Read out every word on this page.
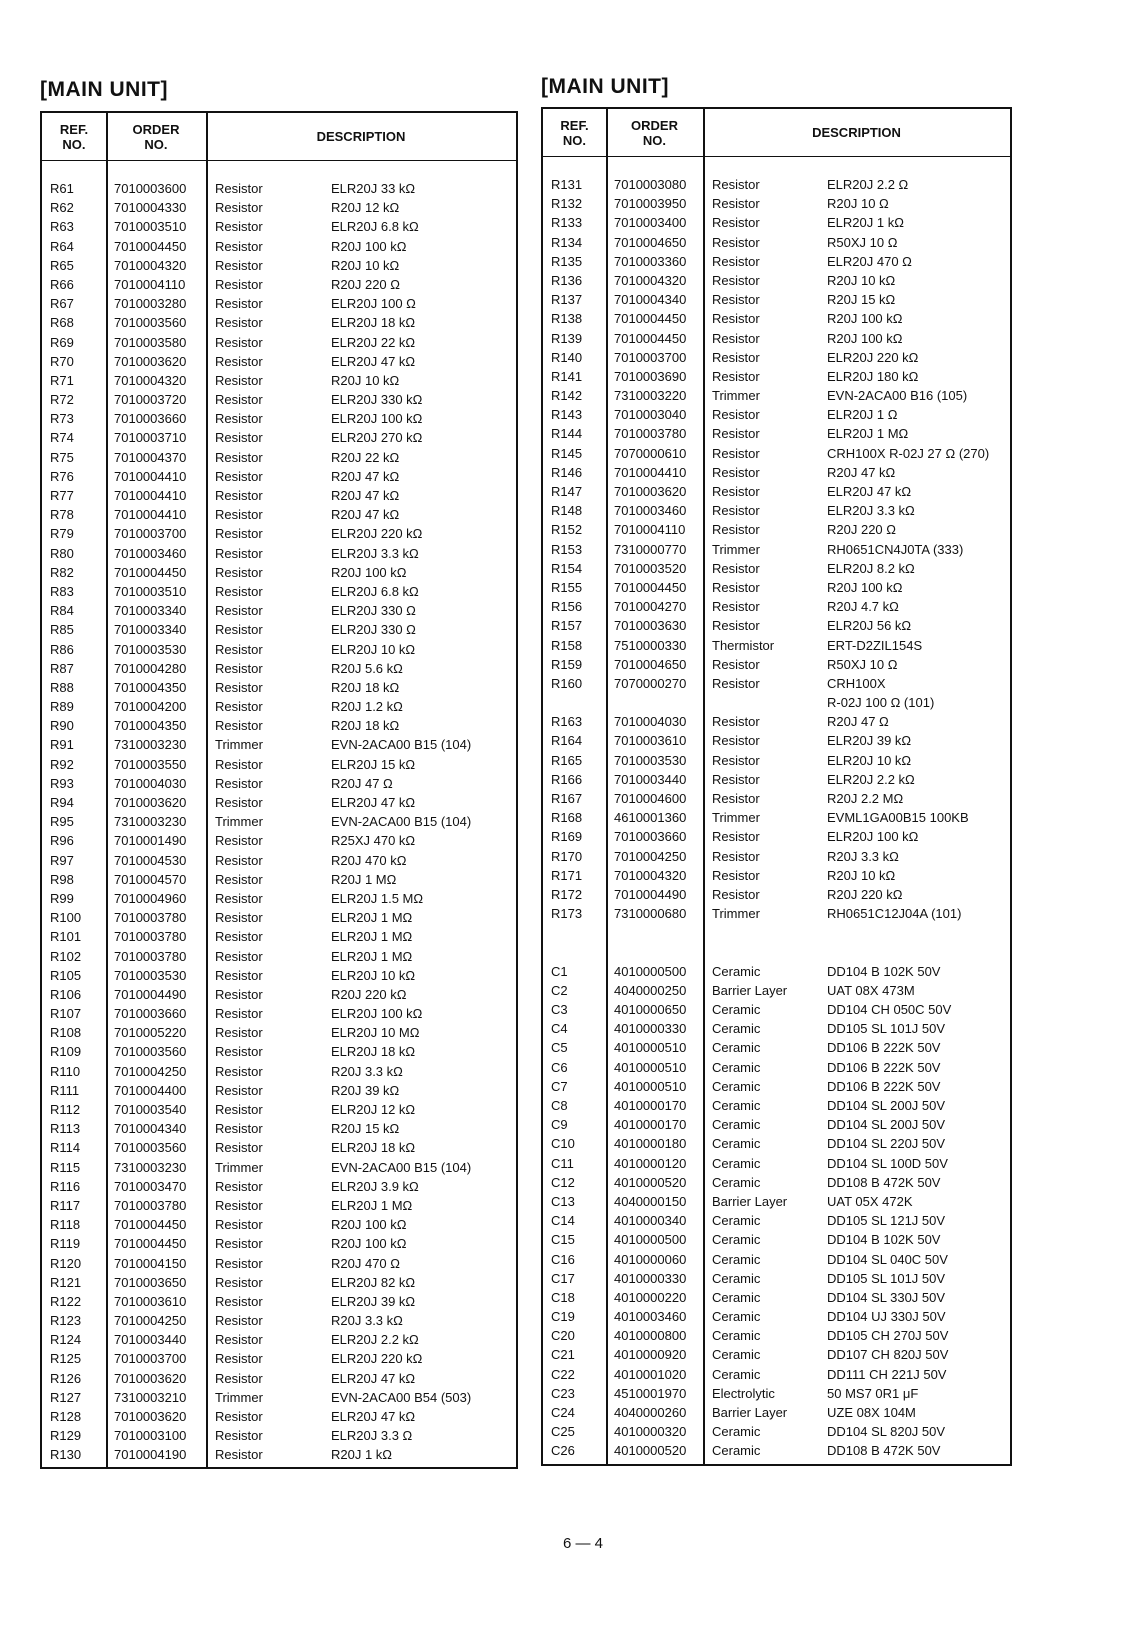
[MAIN UNIT]
REF.
NO.
ORDER
NO.	DESCRIPTION
R61	7010003600 Resistor	ELR20J 33 kΩ
R62	7010004330 Resistor	R20J 12 kΩ
R63	7010003510 Resistor	ELR20J 6.8 kΩ
R64	7010004450 Resistor	R20J 100 kΩ
R65	7010004320 Resistor	R20J 10 kΩ
R66	7010004110 Resistor	R20J 220 Ω
R67	7010003280 Resistor	ELR20J 100 Ω
R68	7010003560 Resistor	ELR20J 18 kΩ
R69	7010003580 Resistor	ELR20J 22 kΩ
R70	7010003620 Resistor	ELR20J 47 kΩ
R71	7010004320 Resistor	R20J 10 kΩ
R72	7010003720 Resistor	ELR20J 330 kΩ
R73	7010003660 Resistor	ELR20J 100 kΩ
R74	7010003710 Resistor	ELR20J 270 kΩ
R75	7010004370 Resistor	R20J 22 kΩ
R76	7010004410 Resistor	R20J 47 kΩ
R77	7010004410 Resistor	R20J 47 kΩ
R78	7010004410 Resistor	R20J 47 kΩ
R79	7010003700 Resistor	ELR20J 220 kΩ
R80	7010003460 Resistor	ELR20J 3.3 kΩ
R82	7010004450 Resistor	R20J 100 kΩ
R83	7010003510 Resistor	ELR20J 6.8 kΩ
R84	7010003340 Resistor	ELR20J 330 Ω
R85	7010003340 Resistor	ELR20J 330 Ω
R86	7010003530 Resistor	ELR20J 10 kΩ
R87	7010004280 Resistor	R20J 5.6 kΩ
R88	7010004350 Resistor	R20J 18 kΩ
R89	7010004200 Resistor	R20J 1.2 kΩ
R90	7010004350 Resistor	R20J 18 kΩ
R91	7310003230 Trimmer	EVN-2ACA00 B15 (104)
R92	7010003550 Resistor	ELR20J 15 kΩ
R93	7010004030 Resistor	R20J 47 Ω
R94	7010003620 Resistor	ELR20J 47 kΩ
R95	7310003230 Trimmer	EVN-2ACA00 B15 (104)
R96	7010001490 Resistor	R25XJ 470 kΩ
R97	7010004530 Resistor	R20J 470 kΩ
R98	7010004570 Resistor	R20J 1 MΩ
R99	7010004960 Resistor	ELR20J 1.5 MΩ
R100	7010003780 Resistor	ELR20J 1 MΩ
R101	7010003780 Resistor	ELR20J 1 MΩ
R102	7010003780 Resistor	ELR20J 1 MΩ
R105	7010003530 Resistor	ELR20J 10 kΩ
R106	7010004490 Resistor	R20J 220 kΩ
R107	7010003660 Resistor	ELR20J 100 kΩ
R108	7010005220 Resistor	ELR20J 10 MΩ
R109	7010003560 Resistor	ELR20J 18 kΩ
R110	7010004250 Resistor	R20J 3.3 kΩ
R111	7010004400 Resistor	R20J 39 kΩ
R112	7010003540 Resistor	ELR20J 12 kΩ
R113	7010004340 Resistor	R20J 15 kΩ
R114	7010003560 Resistor	ELR20J 18 kΩ
R115	7310003230 Trimmer	EVN-2ACA00 B15 (104)
R116	7010003470 Resistor	ELR20J 3.9 kΩ
R117	7010003780 Resistor	ELR20J 1 MΩ
R118	7010004450 Resistor	R20J 100 kΩ
R119	7010004450 Resistor	R20J 100 kΩ
R120	7010004150 Resistor	R20J 470 Ω
R121	7010003650 Resistor	ELR20J 82 kΩ
R122	7010003610 Resistor	ELR20J 39 kΩ
R123	7010004250 Resistor	R20J 3.3 kΩ
R124	7010003440 Resistor	ELR20J 2.2 kΩ
R125	7010003700 Resistor	ELR20J 220 kΩ
R126	7010003620 Resistor	ELR20J 47 kΩ
R127	7310003210 Trimmer	EVN-2ACA00 B54 (503)
R128	7010003620 Resistor	ELR20J 47 kΩ
R129	7010003100 Resistor	ELR20J 3.3 Ω
R130	7010004190 Resistor	R20J 1 kΩ
[MAIN UNIT]
REF.
NO.
ORDER
NO.	DESCRIPTION
R131 7010003080 Resistor	ELR20J 2.2 Ω
R132 7010003950 Resistor	R20J 10 Ω
R133 7010003400 Resistor	ELR20J 1 kΩ
R134 7010004650 Resistor	R50XJ 10 Ω
R135 7010003360 Resistor	ELR20J 470 Ω
R136 7010004320 Resistor	R20J 10 kΩ
R137 7010004340 Resistor	R20J 15 kΩ
R138 7010004450 Resistor	R20J 100 kΩ
R139 7010004450 Resistor	R20J 100 kΩ
R140 7010003700 Resistor	ELR20J 220 kΩ
R141 7010003690 Resistor	ELR20J 180 kΩ
R142 7310003220 Trimmer	EVN-2ACA00 B16 (105)
R143 7010003040 Resistor	ELR20J 1 Ω
R144 7010003780 Resistor	ELR20J 1 MΩ
R145 7070000610 Resistor	CRH100X R-02J 27 Ω (270)
R146 7010004410 Resistor	R20J 47 kΩ
R147 7010003620 Resistor	ELR20J 47 kΩ
R148 7010003460 Resistor	ELR20J 3.3 kΩ
R152 7010004110 Resistor	R20J 220 Ω
R153 7310000770 Trimmer	RH0651CN4J0TA (333)
R154 7010003520 Resistor	ELR20J 8.2 kΩ
R155 7010004450 Resistor	R20J 100 kΩ
R156 7010004270 Resistor	R20J 4.7 kΩ
R157 7010003630 Resistor	ELR20J 56 kΩ
R158 7510000330 Thermistor	ERT-D2ZIL154S
R159 7010004650 Resistor	R50XJ 10 Ω
R160 7070000270 Resistor	CRH100X
R-02J 100 Ω (101)
R163 7010004030 Resistor	R20J 47 Ω
R164 7010003610 Resistor	ELR20J 39 kΩ
R165 7010003530 Resistor	ELR20J 10 kΩ
R166 7010003440 Resistor	ELR20J 2.2 kΩ
R167 7010004600 Resistor	R20J 2.2 MΩ
R168 4610001360 Trimmer	EVML1GA00B15 100KB
R169 7010003660 Resistor	ELR20J 100 kΩ
R170 7010004250 Resistor	R20J 3.3 kΩ
R171 7010004320 Resistor	R20J 10 kΩ
R172 7010004490 Resistor	R20J 220 kΩ
R173 7310000680 Trimmer	RH0651C12J04A (101)
C1	4010000500 Ceramic	DD104 B 102K 50V
C2	4040000250 Barrier Layer	UAT 08X 473M
C3	4010000650 Ceramic	DD104 CH 050C 50V
C4	4010000330 Ceramic	DD105 SL 101J 50V
C5	4010000510 Ceramic	DD106 B 222K 50V
C6	4010000510 Ceramic	DD106 B 222K 50V
C7	4010000510 Ceramic	DD106 B 222K 50V
C8	4010000170 Ceramic	DD104 SL 200J 50V
C9	4010000170 Ceramic	DD104 SL 200J 50V
C10	4010000180 Ceramic	DD104 SL 220J 50V
C11	4010000120 Ceramic	DD104 SL 100D 50V
C12	4010000520 Ceramic	DD108 B 472K 50V
C13	4040000150 Barrier Layer	UAT 05X 472K
C14	4010000340 Ceramic	DD105 SL 121J 50V
C15	4010000500 Ceramic	DD104 B 102K 50V
C16	4010000060 Ceramic	DD104 SL 040C 50V
C17	4010000330 Ceramic	DD105 SL 101J 50V
C18	4010000220 Ceramic	DD104 SL 330J 50V
C19	4010003460 Ceramic	DD104 UJ 330J 50V
C20	4010000800 Ceramic	DD105 CH 270J 50V
C21	4010000920 Ceramic	DD107 CH 820J 50V
C22	4010001020 Ceramic	DD111 CH 221J 50V
C23	4510001970 Electrolytic	50 MS7 0R1 μF
C24	4040000260 Barrier Layer	UZE 08X 104M
C25	4010000320 Ceramic	DD104 SL 820J 50V
C26	4010000520 Ceramic	DD108 B 472K 50V
6 — 4
